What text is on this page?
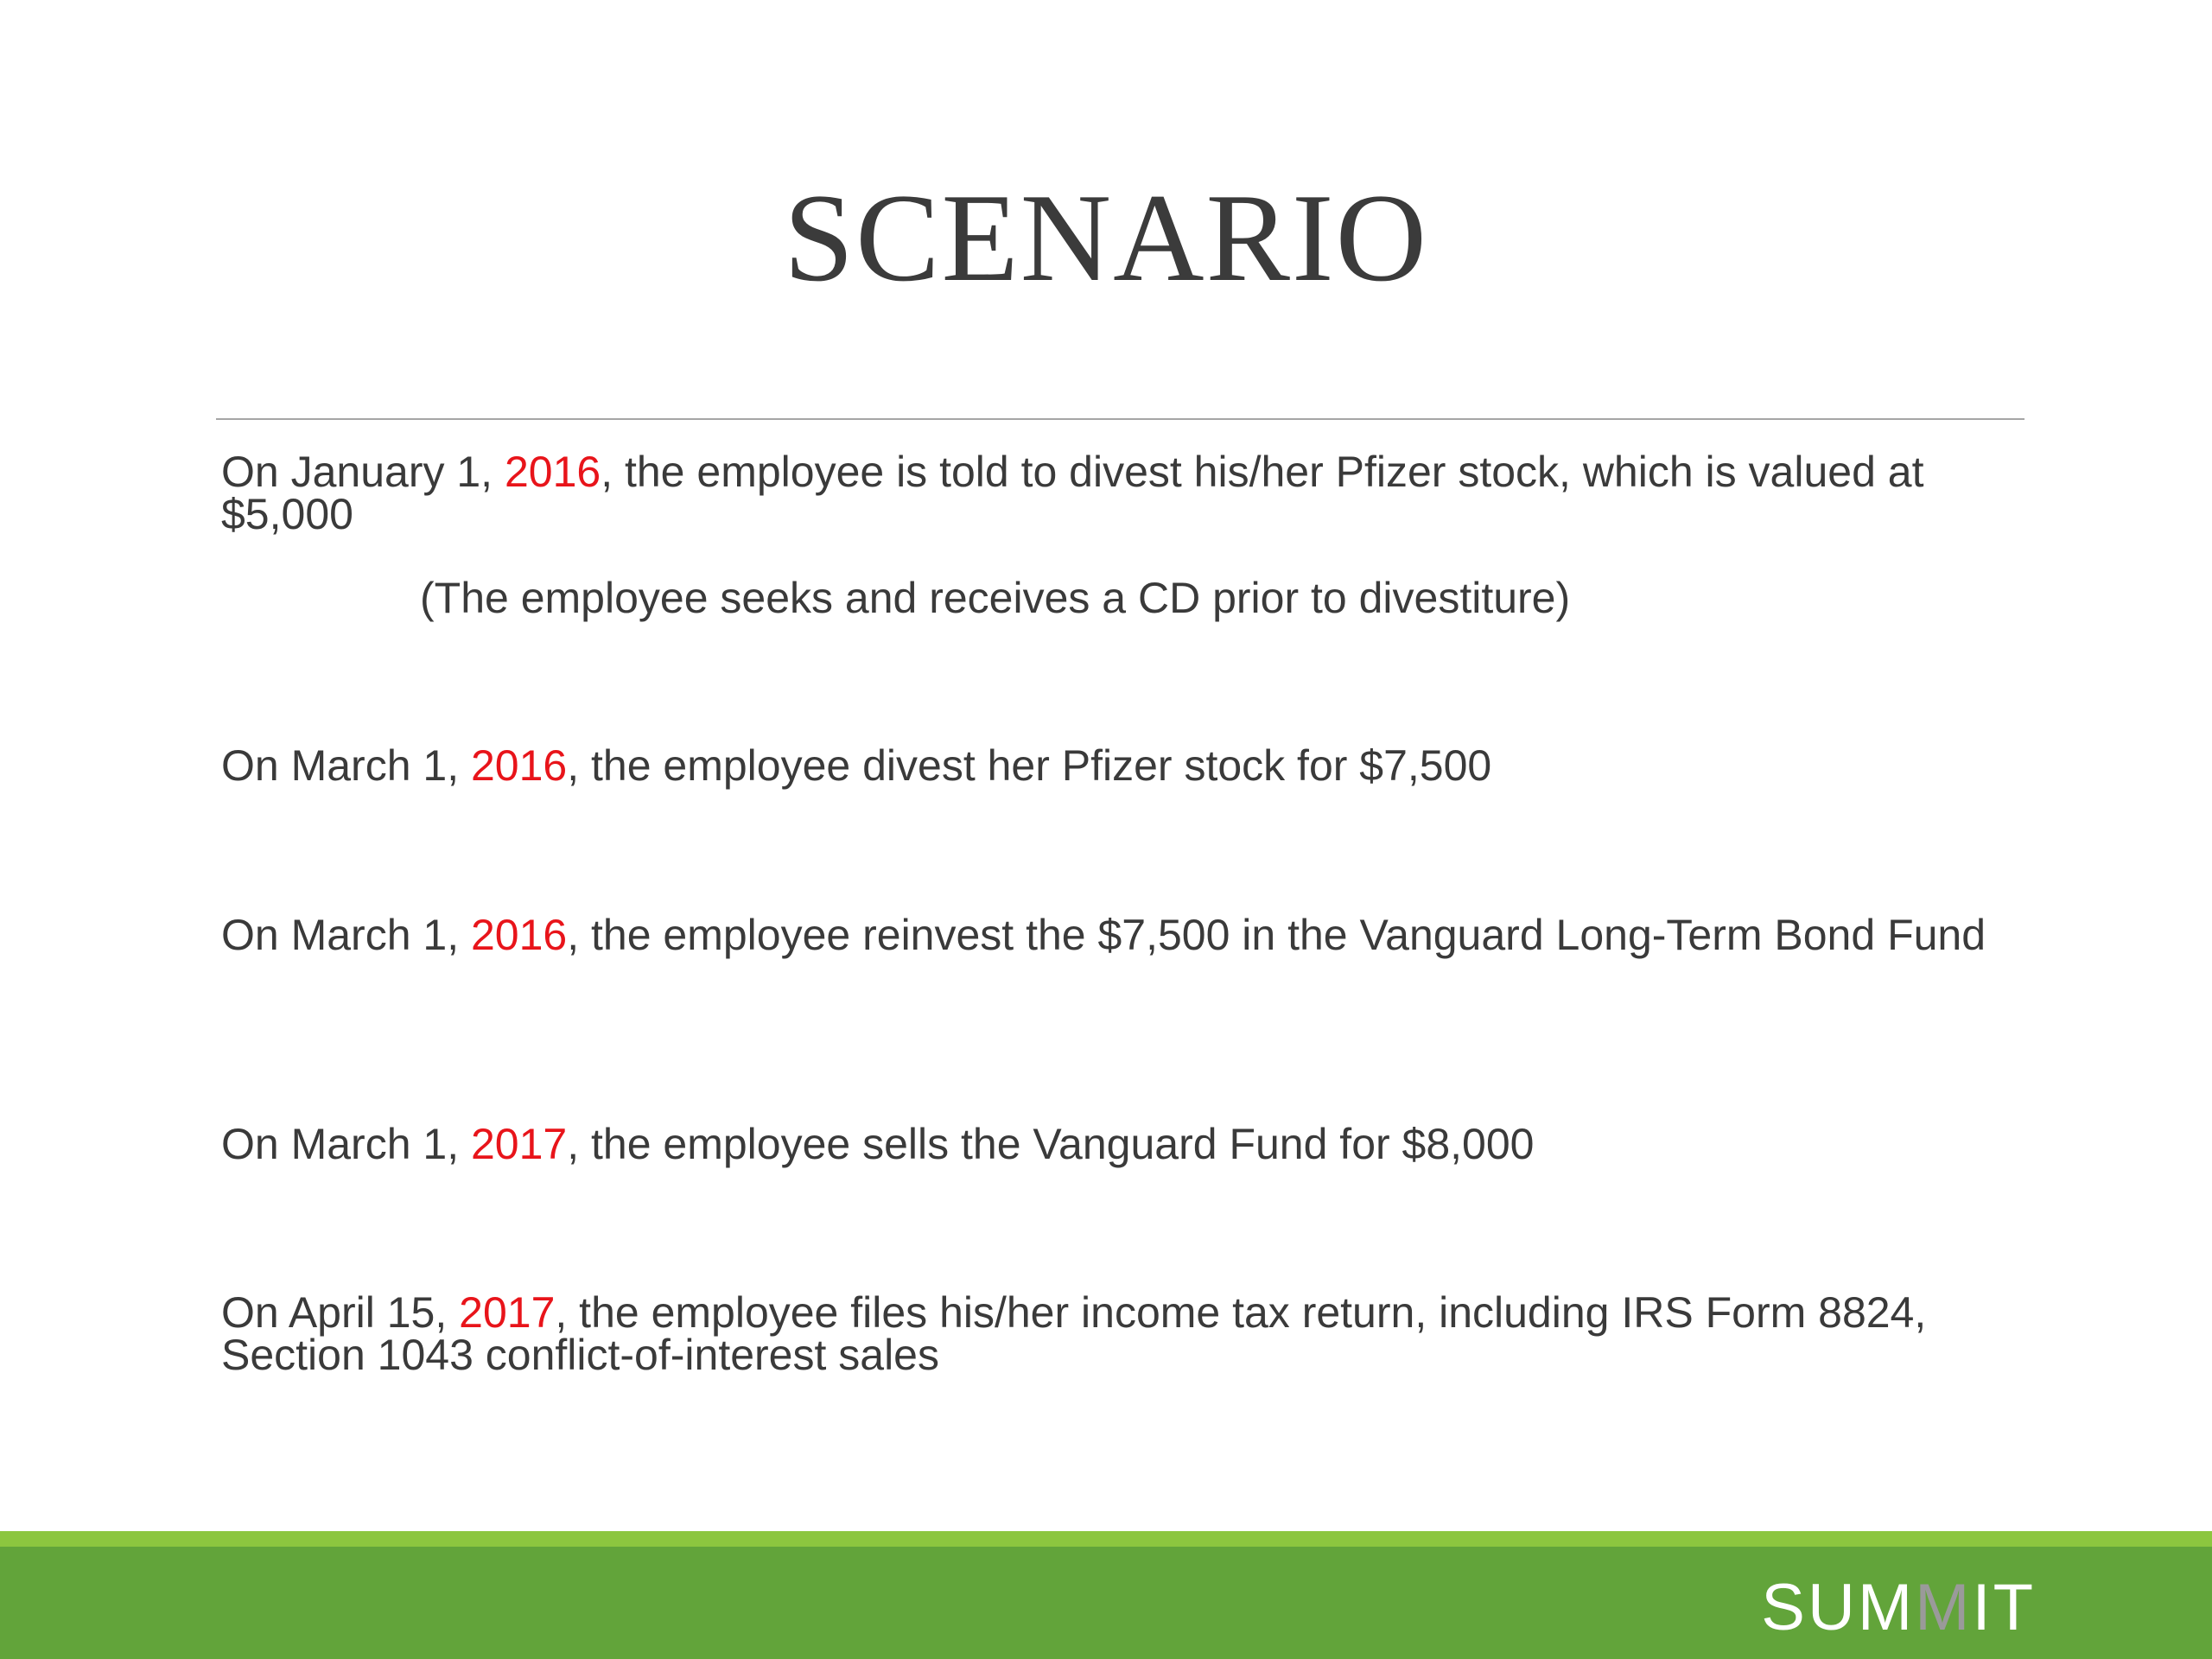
SCENARIO
On January 1, 2016, the employee is told to divest his/her Pfizer stock, which is valued at $5,000
(The employee seeks and receives a CD prior to divestiture)
On March 1, 2016, the employee divest her Pfizer stock for $7,500
On March 1, 2016, the employee reinvest the $7,500 in the Vanguard Long-Term Bond Fund
On March 1, 2017, the employee sells the Vanguard Fund for $8,000
On April 15, 2017, the employee files his/her income tax return, including IRS Form 8824, Section 1043 conflict-of-interest sales
SUMMIT
